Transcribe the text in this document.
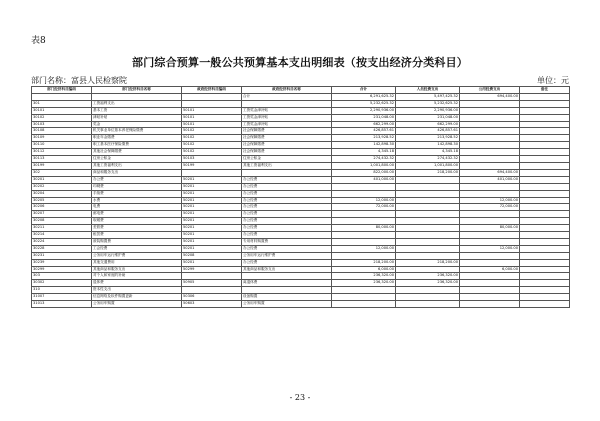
表8
部门综合预算一般公共预算基本支出明细表（按支出经济分类科目）
部门名称：富县人民检察院	单位：元
部门经济科目编码	部门经济科目名称	政府经济科目编码	政府经济科目名称	合计	人员经费支出	公用经费支出	备注
			合计	6,291,625.32	5,497,425.32	694,400.00	
301	工资福利支出			5,232,625.32	5,232,625.32		
30101	基本工资	50101	工资奖金津补贴	2,290,936.00	2,290,936.00		
30102	津贴补贴	50101	工资奖金津补贴	231,048.00	231,048.00		
30103	奖金	50101	工资奖金津补贴	662,299.00	662,299.00		
30108	机关事业单位基本养老保险缴费	50102	社会保障缴费	426,857.61	426,857.61		
30109	职业年金缴费	50102	社会保障缴费	213,928.52	213,928.52		
30110	职工基本医疗保险缴费	50102	社会保障缴费	142,898.30	142,898.30		
30112	其他社会保障缴费	50102	社会保障缴费	4,345.18	4,345.18		
30113	住房公积金	50103	住房公积金	274,432.32	274,432.32		
30199	其他工资福利支出	50199	其他工资福利支出	1,001,800.00	1,001,800.00		
302	商品和服务支出			822,000.00	218,200.00	694,400.00	
30201	办公费	50201	办公经费	401,000.00		401,000.00	
30202	印刷费	50201	办公经费				
30204	手续费	50201	办公经费				
30205	水费	50201	办公经费	12,000.00		12,000.00	
30206	电费	50201	办公经费	72,000.00		72,000.00	
30207	邮电费	50201	办公经费				
30208	取暖费	50201	办公经费				
30211	差旅费	50201	办公经费	80,000.00		80,000.00	
30214	租赁费	50201	办公经费				
30224	被装购置费	50201	专用材料购置费				
30228	工会经费	50201	办公经费	12,000.00		12,000.00	
30231	公务用车运行维护费	50208	公务用车运行维护费				
30239	其他交通费用	50201	办公经费	218,200.00	218,200.00		
30299	其他商品和服务支出	50299	其他商品和服务支出	6,000.00		6,000.00	
303	对个人和家庭的补助			236,320.00	236,320.00		
30302	退休费	50905	离退休费	236,320.00	236,320.00		
310	资本性支出						
31007	信息网络及软件购置更新	50306	设备购置				
31013	公务用车购置	50603	公务用车购置				
- 23 -
